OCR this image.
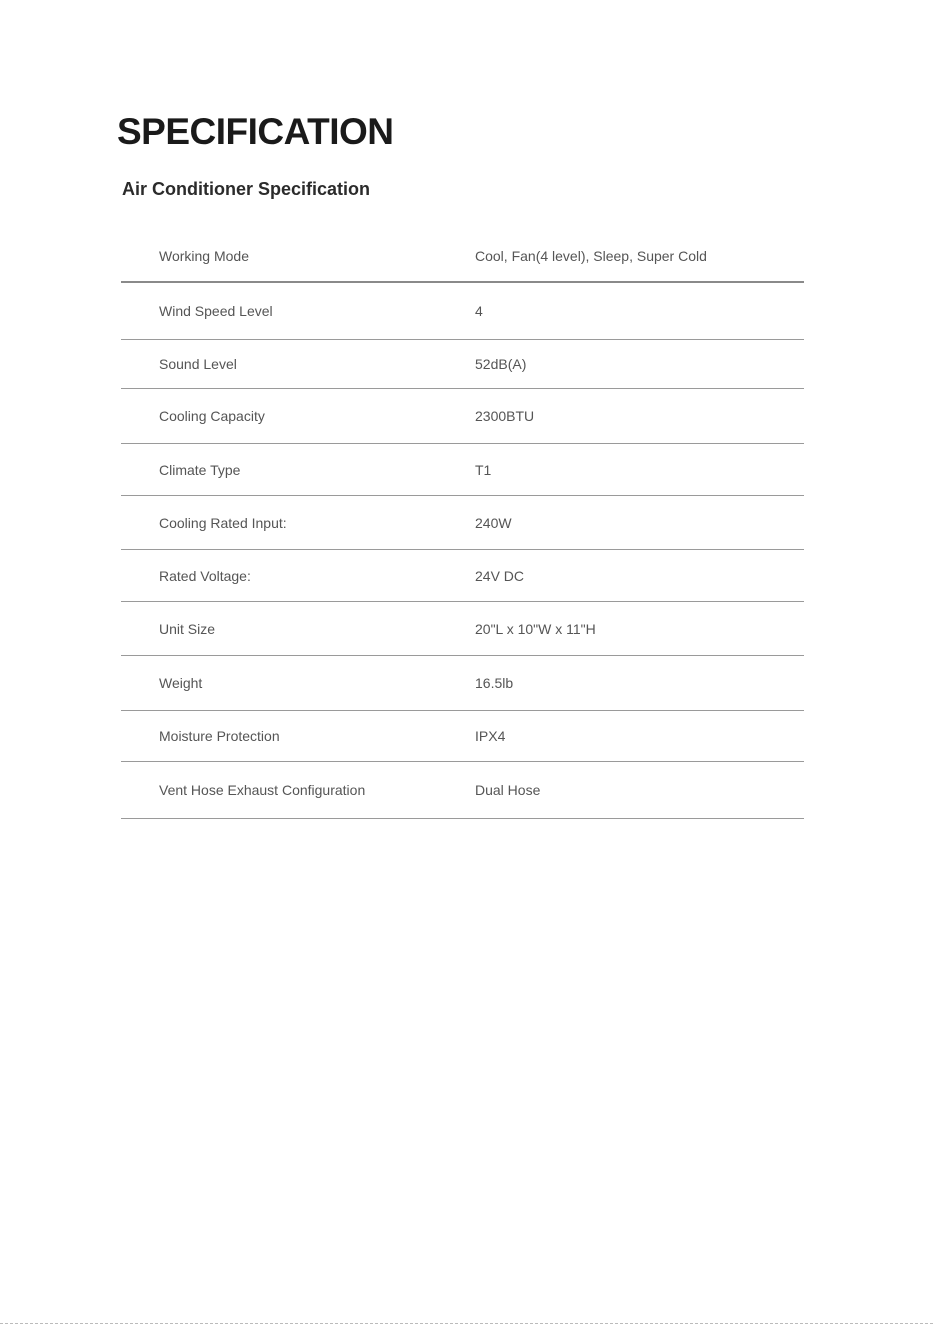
SPECIFICATION
Air Conditioner Specification
Working Mode	Cool, Fan(4 level), Sleep, Super Cold
Wind Speed Level	4
Sound Level	52dB(A)
Cooling Capacity	2300BTU
Climate Type	T1
Cooling Rated Input:	240W
Rated Voltage:	24V DC
Unit Size	20"L x 10"W x 11"H
Weight	16.5lb
Moisture Protection	IPX4
Vent Hose Exhaust Configuration	Dual Hose
